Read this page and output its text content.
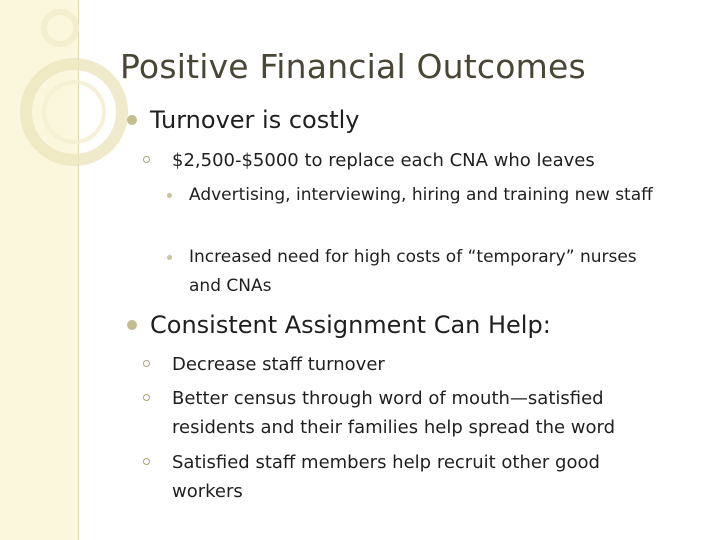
Positive Financial Outcomes
Turnover is costly
$2,500-$5000 to replace each CNA who leaves
Advertising, interviewing, hiring and training new staff
Increased need for high costs of “temporary” nurses and CNAs
Consistent Assignment Can Help:
Decrease staff turnover
Better census through word of mouth—satisfied residents and their families help spread the word
Satisfied staff members help recruit other good workers
